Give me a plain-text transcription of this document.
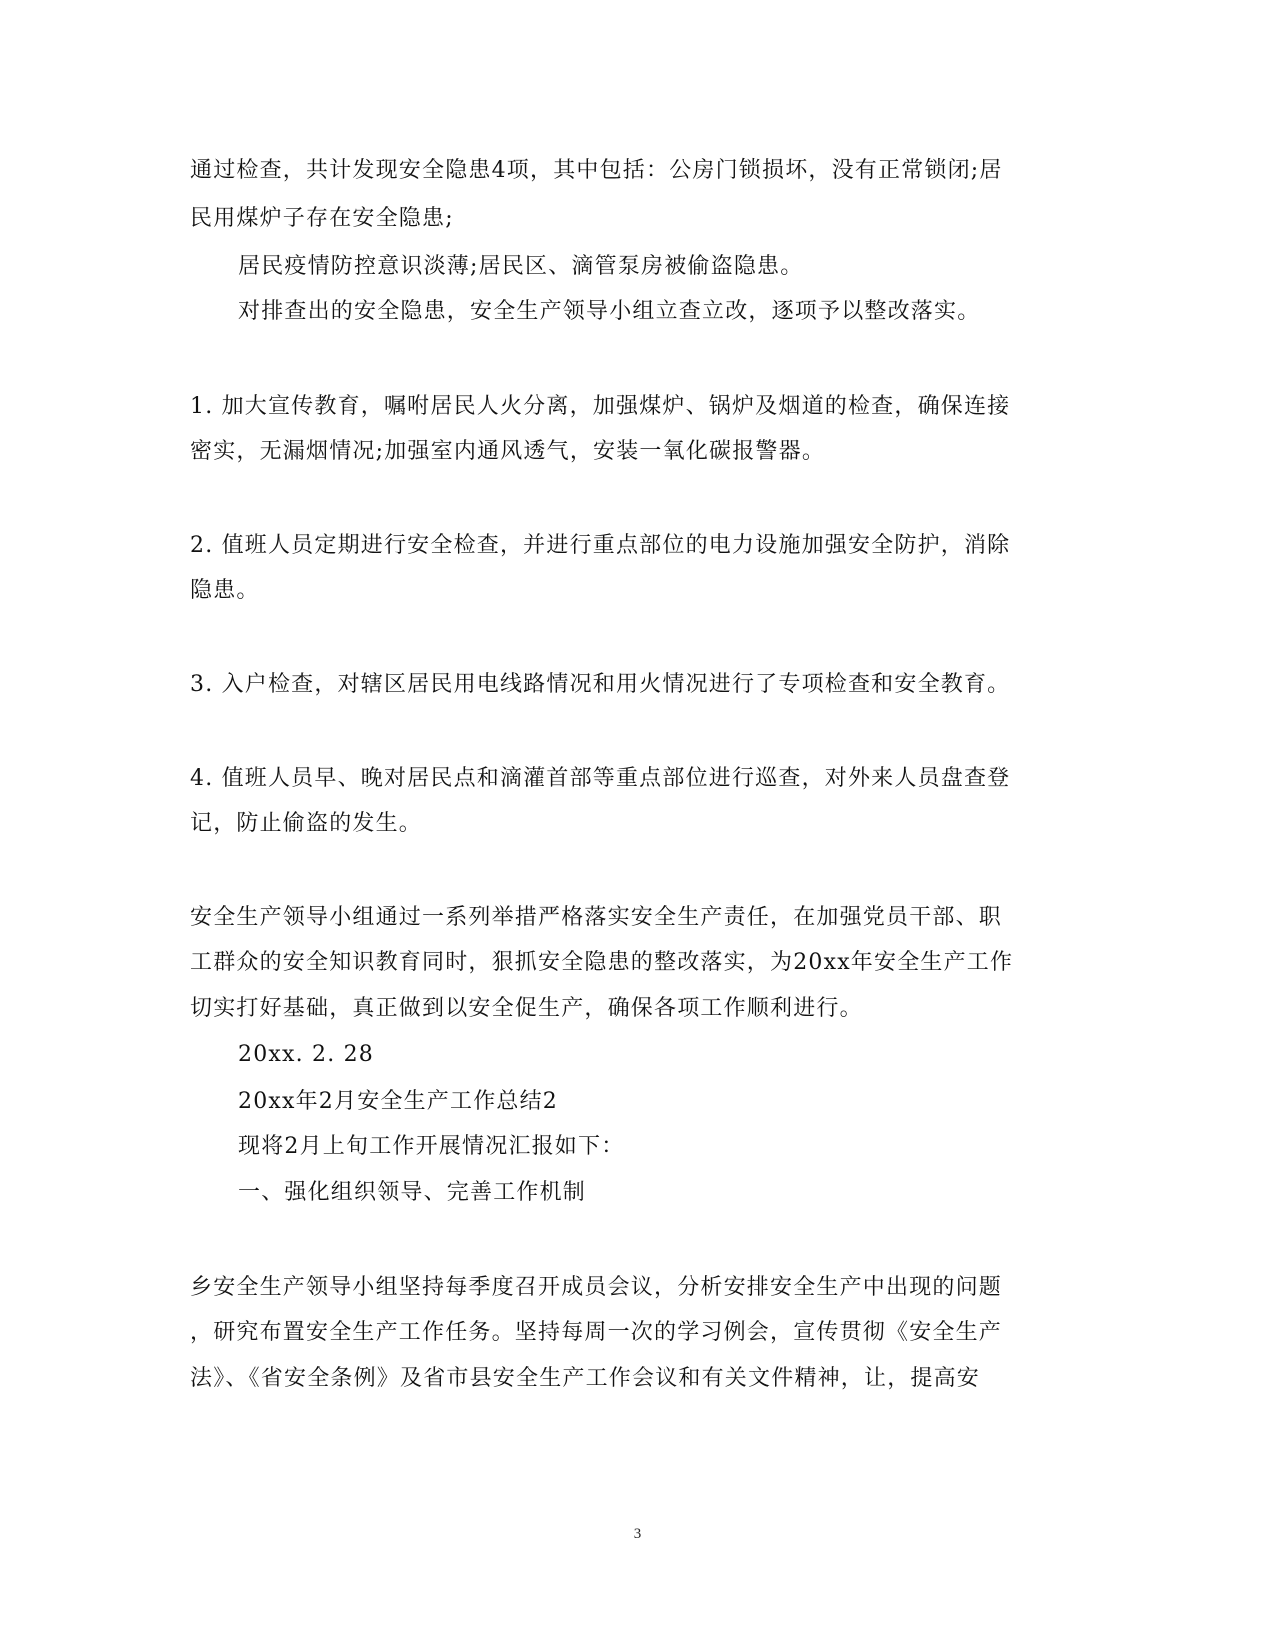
通过检查，共计发现安全隐患4项，其中包括：公房门锁损坏，没有正常锁闭;居
民用煤炉子存在安全隐患;
居民疫情防控意识淡薄;居民区、滴管泵房被偷盗隐患。
对排查出的安全隐患，安全生产领导小组立查立改，逐项予以整改落实。
1. 加大宣传教育，嘱咐居民人火分离，加强煤炉、锅炉及烟道的检查，确保连接
密实，无漏烟情况;加强室内通风透气，安装一氧化碳报警器。
2. 值班人员定期进行安全检查，并进行重点部位的电力设施加强安全防护，消除
隐患。
3. 入户检查，对辖区居民用电线路情况和用火情况进行了专项检查和安全教育。
4. 值班人员早、晚对居民点和滴灌首部等重点部位进行巡查，对外来人员盘查登
记，防止偷盗的发生。
安全生产领导小组通过一系列举措严格落实安全生产责任，在加强党员干部、职
工群众的安全知识教育同时，狠抓安全隐患的整改落实，为20xx年安全生产工作
切实打好基础，真正做到以安全促生产，确保各项工作顺利进行。
20xx. 2. 28
20xx年2月安全生产工作总结2
现将2月上旬工作开展情况汇报如下：
一、强化组织领导、完善工作机制
乡安全生产领导小组坚持每季度召开成员会议，分析安排安全生产中出现的问题
，研究布置安全生产工作任务。坚持每周一次的学习例会，宣传贯彻《安全生产
法》、《省安全条例》及省市县安全生产工作会议和有关文件精神，让，提高安
3
